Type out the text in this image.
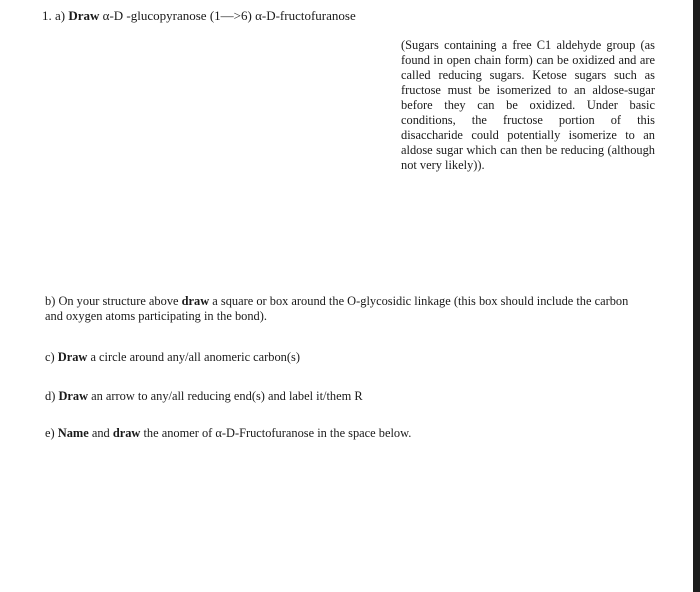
1. a) Draw α-D -glucopyranose (1—>6) α-D-fructofuranose
(Sugars containing a free C1 aldehyde group (as found in open chain form) can be oxidized and are called reducing sugars. Ketose sugars such as fructose must be isomerized to an aldose-sugar before they can be oxidized. Under basic conditions, the fructose portion of this disaccharide could potentially isomerize to an aldose sugar which can then be reducing (although not very likely)).
b) On your structure above draw a square or box around the O-glycosidic linkage (this box should include the carbon and oxygen atoms participating in the bond).
c) Draw a circle around any/all anomeric carbon(s)
d) Draw an arrow to any/all reducing end(s) and label it/them R
e) Name and draw the anomer of α-D-Fructofuranose in the space below.
